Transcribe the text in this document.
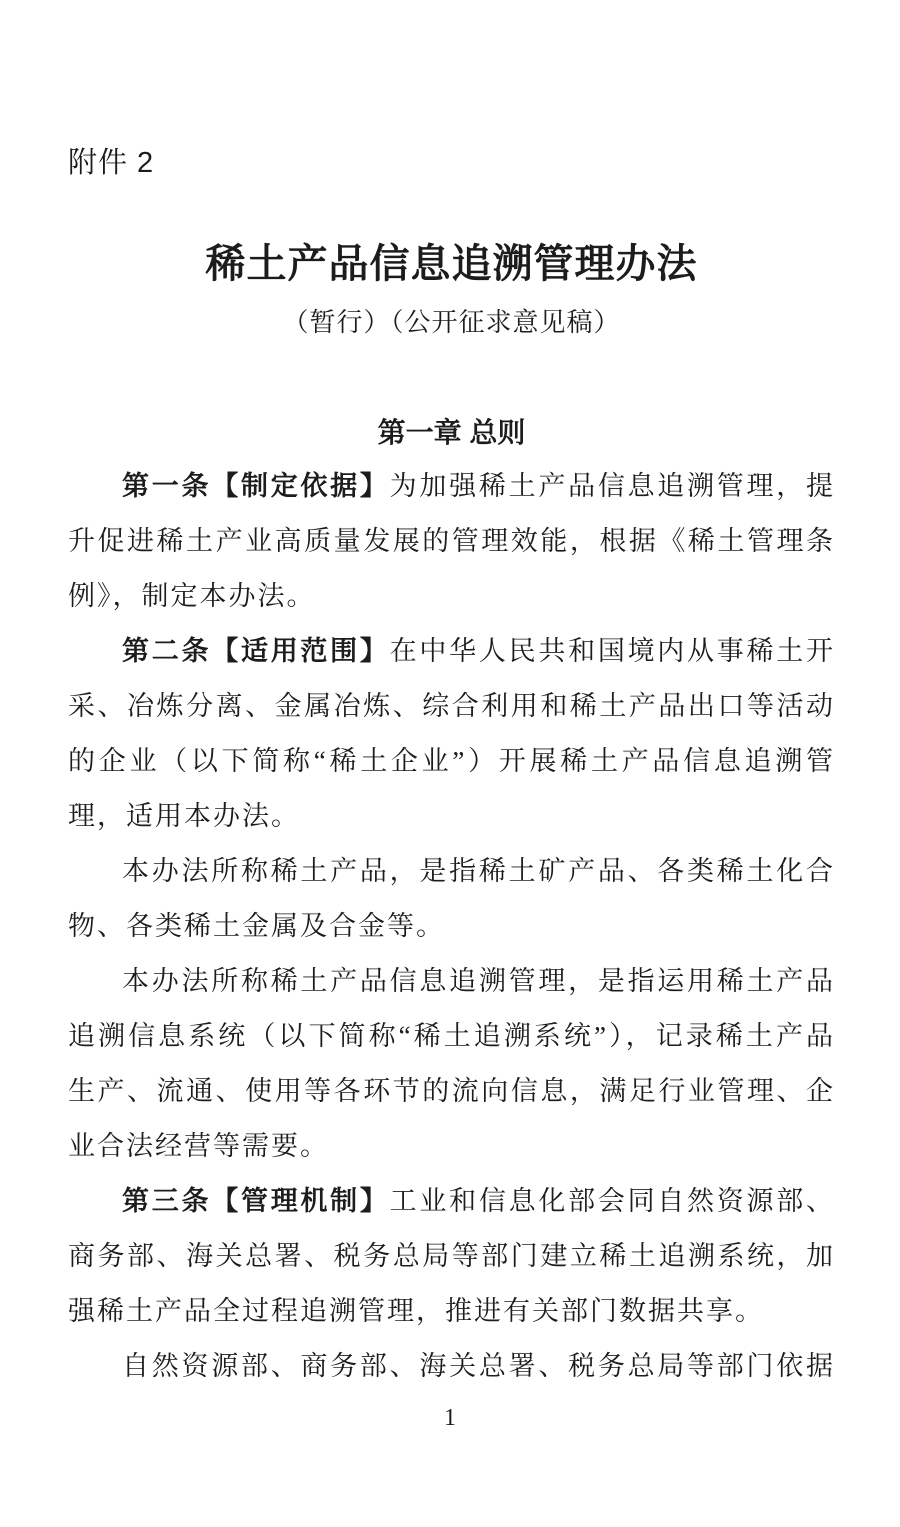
附件 2
稀土产品信息追溯管理办法
（暂行）（公开征求意见稿）
第一章 总则
第一条【制定依据】为加强稀土产品信息追溯管理，提
升促进稀土产业高质量发展的管理效能，根据《稀土管理条
例》，制定本办法。
第二条【适用范围】在中华人民共和国境内从事稀土开
采、冶炼分离、金属冶炼、综合利用和稀土产品出口等活动
的企业（以下简称“稀土企业”）开展稀土产品信息追溯管
理，适用本办法。
本办法所称稀土产品，是指稀土矿产品、各类稀土化合
物、各类稀土金属及合金等。
本办法所称稀土产品信息追溯管理，是指运用稀土产品
追溯信息系统（以下简称“稀土追溯系统”），记录稀土产品
生产、流通、使用等各环节的流向信息，满足行业管理、企
业合法经营等需要。
第三条【管理机制】工业和信息化部会同自然资源部、
商务部、海关总署、税务总局等部门建立稀土追溯系统，加
强稀土产品全过程追溯管理，推进有关部门数据共享。
自然资源部、商务部、海关总署、税务总局等部门依据
1
